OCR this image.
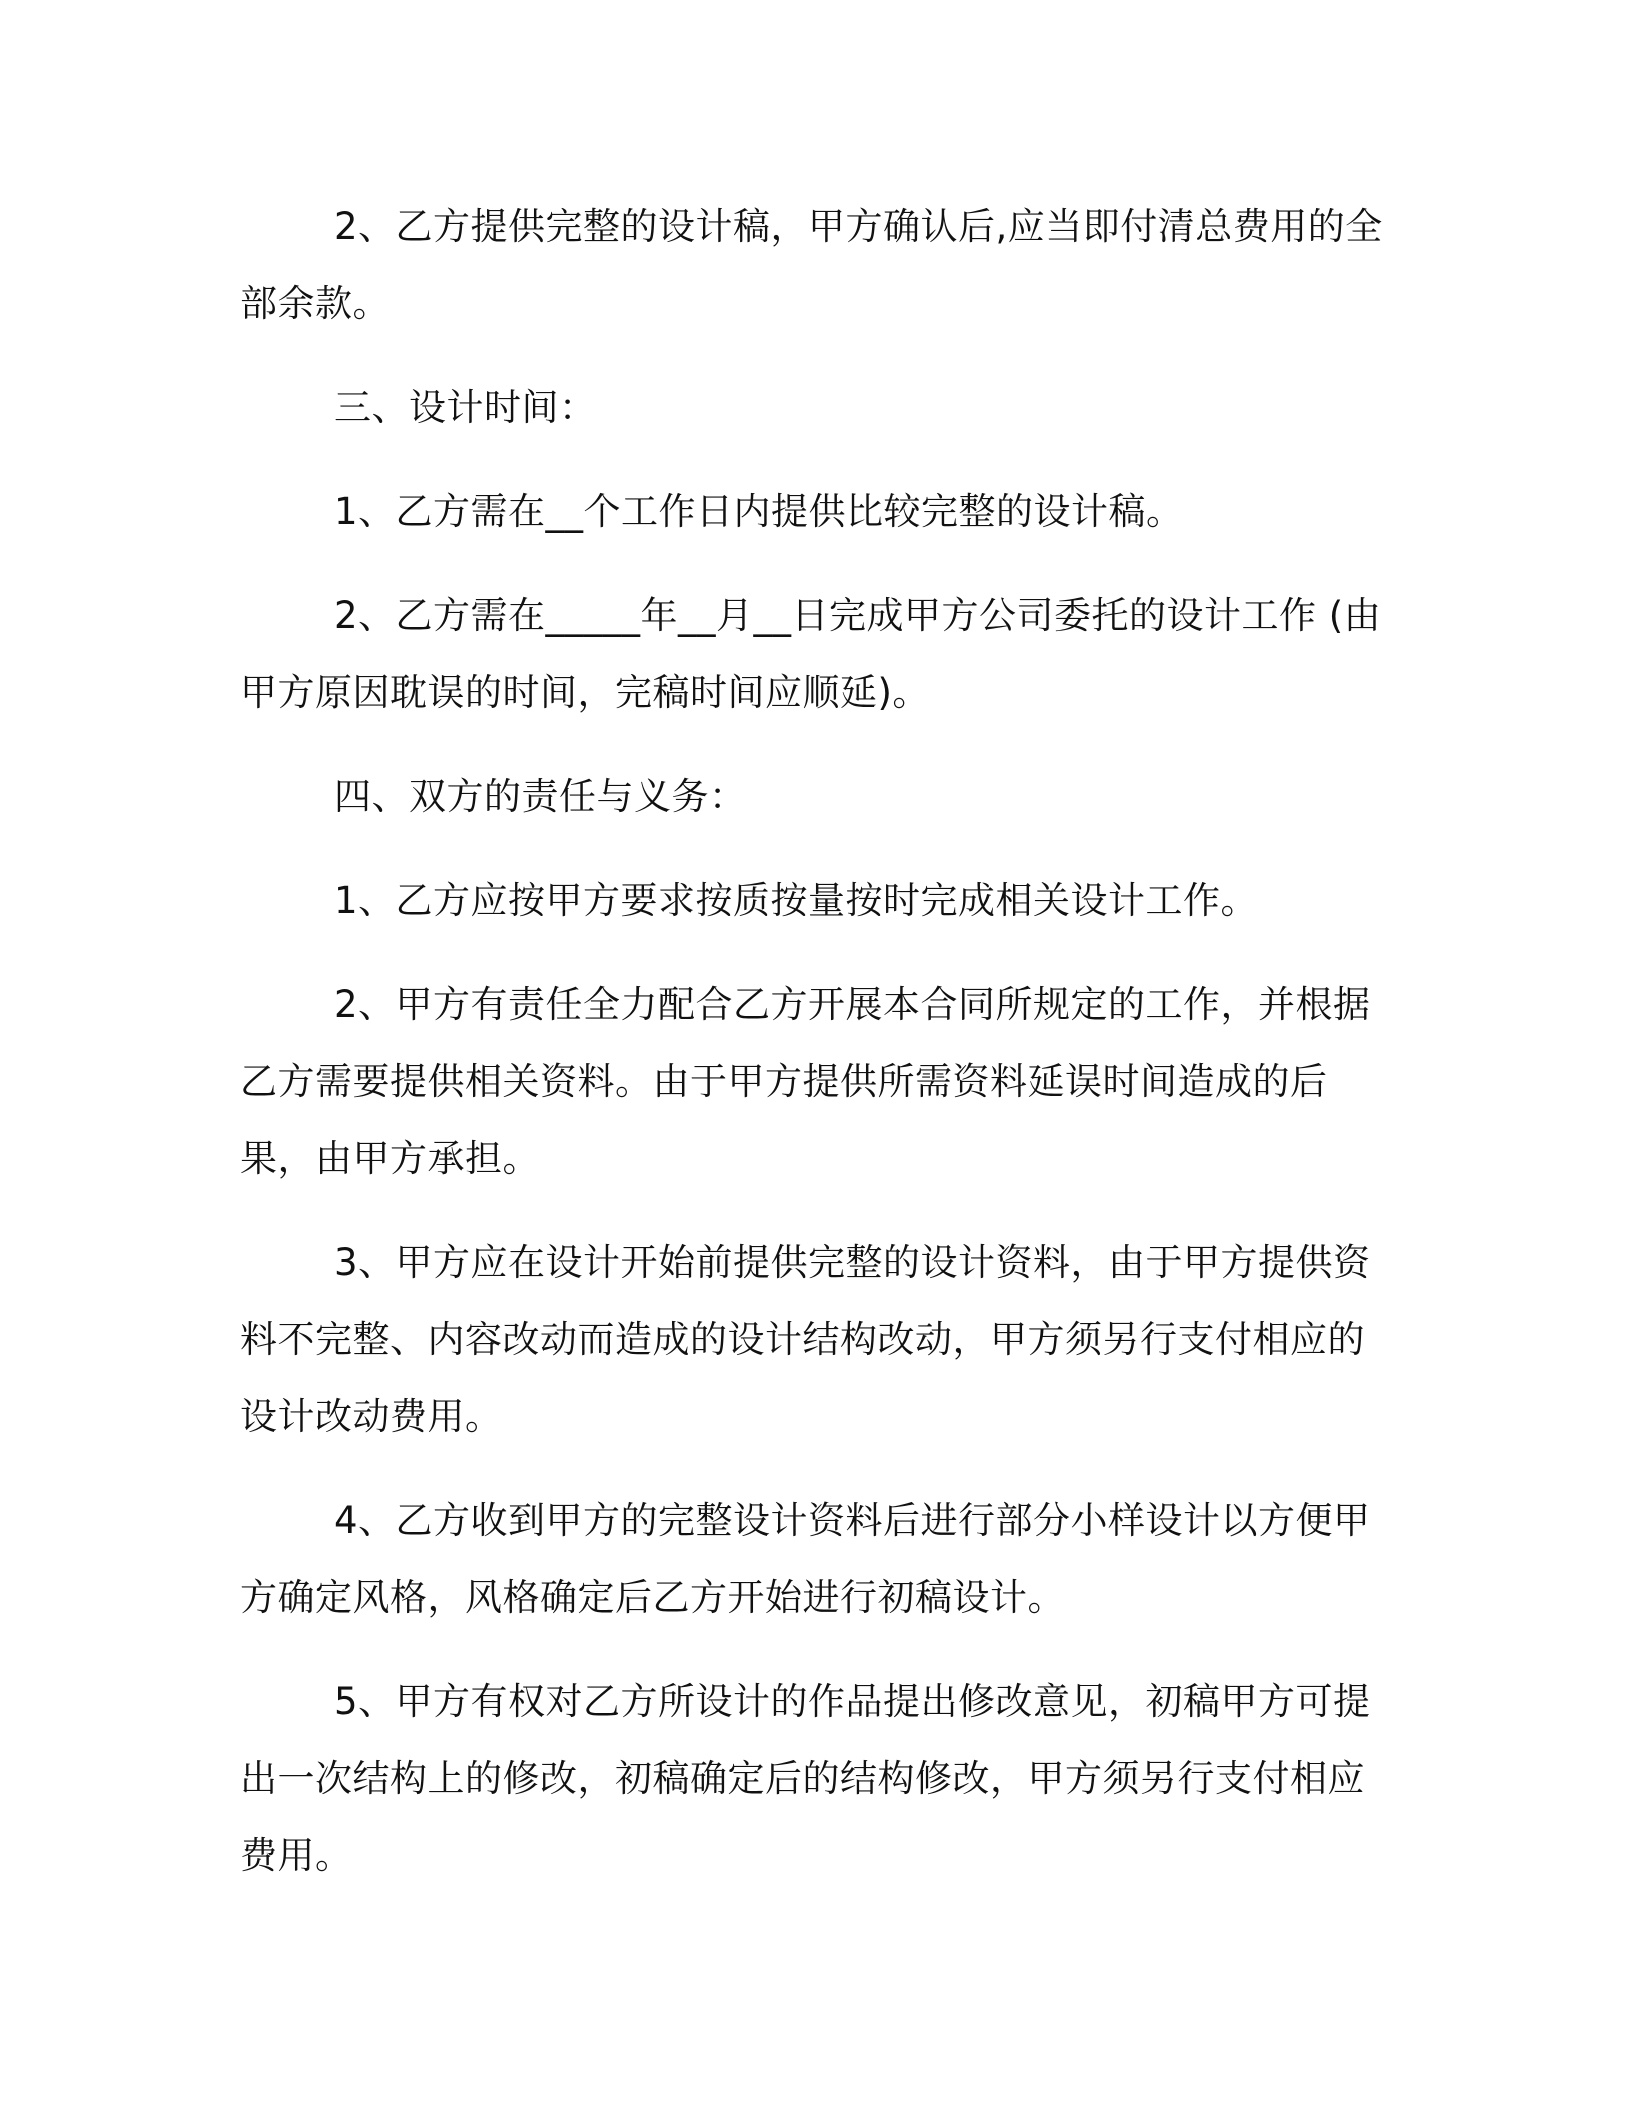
2、乙方提供完整的设计稿，甲方确认后,应当即付清总费用的全部余款。

三、设计时间：

1、乙方需在__个工作日内提供比较完整的设计稿。

2、乙方需在_____年__月__日完成甲方公司委托的设计工作 (由甲方原因耽误的时间，完稿时间应顺延)。

四、双方的责任与义务：

1、乙方应按甲方要求按质按量按时完成相关设计工作。

2、甲方有责任全力配合乙方开展本合同所规定的工作，并根据乙方需要提供相关资料。由于甲方提供所需资料延误时间造成的后果，由甲方承担。

3、甲方应在设计开始前提供完整的设计资料，由于甲方提供资料不完整、内容改动而造成的设计结构改动，甲方须另行支付相应的设计改动费用。

4、乙方收到甲方的完整设计资料后进行部分小样设计以方便甲方确定风格，风格确定后乙方开始进行初稿设计。

5、甲方有权对乙方所设计的作品提出修改意见，初稿甲方可提出一次结构上的修改，初稿确定后的结构修改，甲方须另行支付相应费用。
